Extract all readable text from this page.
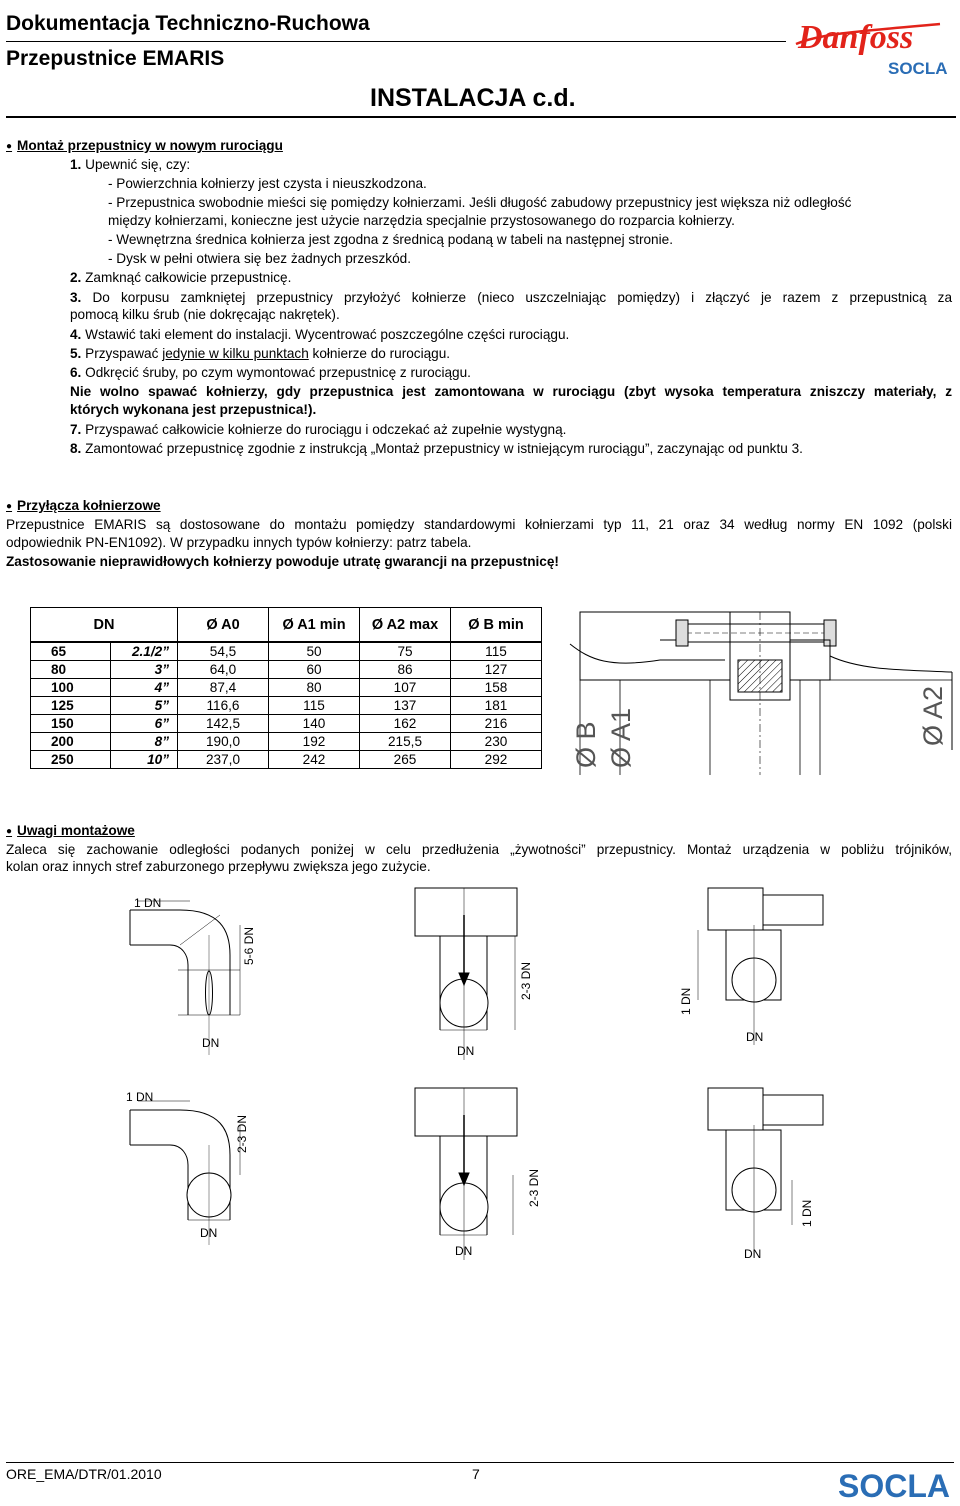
Dokumentacja Techniczno-Ruchowa
Przepustnice EMARIS
INSTALACJA c.d.
Danfoss
SOCLA
● Montaż przepustnicy w nowym rurociągu
1. Upewnić się, czy:
- Powierzchnia kołnierzy jest czysta i nieuszkodzona.
- Przepustnica swobodnie mieści się pomiędzy kołnierzami. Jeśli długość zabudowy przepustnicy jest większa niż odległość
między kołnierzami, konieczne jest użycie narzędzia specjalnie przystosowanego do rozparcia kołnierzy.
- Wewnętrzna średnica kołnierza jest zgodna z średnicą podaną w tabeli na następnej stronie.
- Dysk w pełni otwiera się bez żadnych przeszkód.
2. Zamknąć całkowicie przepustnicę.
3. Do korpusu zamkniętej przepustnicy przyłożyć kołnierze (nieco uszczelniając pomiędzy) i złączyć je razem z przepustnicą za
pomocą kilku śrub (nie dokręcając nakrętek).
4. Wstawić taki element do instalacji. Wycentrować poszczególne części rurociągu.
5. Przyspawać jedynie w kilku punktach kołnierze do rurociągu.
6. Odkręcić śruby, po czym wymontować przepustnicę z rurociągu.
Nie wolno spawać kołnierzy, gdy przepustnica jest zamontowana w rurociągu (zbyt wysoka temperatura zniszczy materiały, z
których wykonana jest przepustnica!).
7. Przyspawać całkowicie kołnierze do rurociągu i odczekać aż zupełnie wystygną.
8. Zamontować przepustnicę zgodnie z instrukcją „Montaż przepustnicy w istniejącym rurociągu”, zaczynając od punktu 3.
● Przyłącza kołnierzowe
Przepustnice EMARIS są dostosowane do montażu pomiędzy standardowymi kołnierzami typ 11, 21 oraz 34 według normy EN 1092 (polski
odpowiednik PN-EN1092). W przypadku innych typów kołnierzy: patrz tabela.
Zastosowanie nieprawidłowych kołnierzy powoduje utratę gwarancji na przepustnicę!
DN		Ø A0	Ø A1 min	Ø A2 max	Ø B min
65	2.1/2”	54,5	50	75	115
80	3”	64,0	60	86	127
100	4”	87,4	80	107	158
125	5”	116,6	115	137	181
150	6”	142,5	140	162	216
200	8”	190,0	192	215,5	230
250	10”	237,0	242	265	292 Ø B Ø A1	Ø A2
● Uwagi montażowe
Zaleca się zachowanie odległości podanych poniżej w celu przedłużenia „żywotności” przepustnicy. Montaż urządzenia w pobliżu trójników,
kolan oraz innych stref zaburzonego przepływu zwiększa jego zużycie.
1 DN
5-6 DN
DN
2-3 DN
DN
1 DN
DN
1 DN
2-3 DN
DN
2-3 DN
DN
1 DN
DN
ORE_EMA/DTR/01.2010	7	SOCLA
